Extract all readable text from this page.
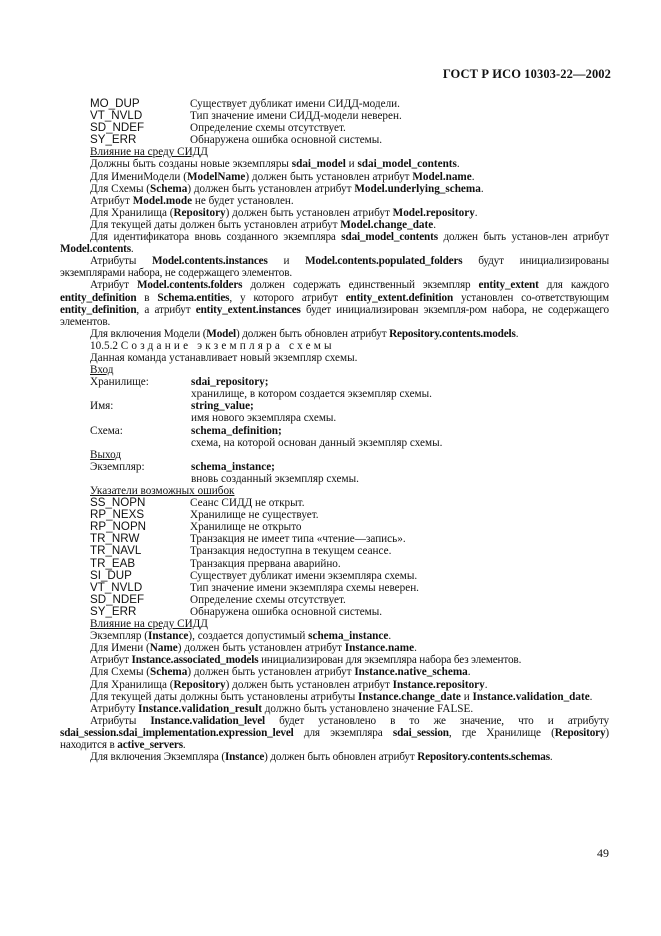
ГОСТ Р ИСО 10303-22—2002
MO_DUP	Существует дубликат имени СИДД-модели.
VT_NVLD	Тип значение имени СИДД-модели неверен.
SD_NDEF	Определение схемы отсутствует.
SY_ERR	Обнаружена ошибка основной системы.
Влияние на среду СИДД

Должны быть созданы новые экземпляры sdai_model и sdai_model_contents.

Для ИмениМодели (ModelName) должен быть установлен атрибут Model.name.

Для Схемы (Schema) должен быть установлен атрибут Model.underlying_schema.

Атрибут Model.mode не будет установлен.

Для Хранилища (Repository) должен быть установлен атрибут Model.repository.

Для текущей даты должен быть установлен атрибут Model.change_date.

Для идентификатора вновь созданного экземпляра sdai_model_contents должен быть установ-лен атрибут Model.contents.

Атрибуты Model.contents.instances и Model.contents.populated_folders будут инициализированы экземплярами набора, не содержащего элементов.

Атрибут Model.contents.folders должен содержать единственный экземпляр entity_extent для каждого entity_definition в Schema.entities, у которого атрибут entity_extent.definition установлен со-ответствующим entity_definition, а атрибут entity_extent.instances будет инициализирован экземпля-ром набора, не содержащего элементов.

Для включения Модели (Model) должен быть обновлен атрибут Repository.contents.models.

10.5.2 Создание экземпляра схемы

Данная команда устанавливает новый экземпляр схемы.

Вход
Хранилище:	sdai_repository;
хранилище, в котором создается экземпляр схемы.
Имя:	string_value;
имя нового экземпляра схемы.
Схема:	schema_definition;
схема, на которой основан данный экземпляр схемы.
Выход
Экземпляр:	schema_instance;
вновь созданный экземпляр схемы.
Указатели возможных ошибок
SS_NOPN	Сеанс СИДД не открыт.
RP_NEXS	Хранилище не существует.
RP_NOPN	Хранилище не открыто
TR_NRW	Транзакция не имеет типа «чтение—запись».
TR_NAVL	Транзакция недоступна в текущем сеансе.
TR_EAB	Транзакция прервана аварийно.
SI_DUP	Существует дубликат имени экземпляра схемы.
VT_NVLD	Тип значение имени экземпляра схемы неверен.
SD_NDEF	Определение схемы отсутствует.
SY_ERR	Обнаружена ошибка основной системы.
Влияние на среду СИДД

Экземпляр (Instance), создается допустимый schema_instance.

Для Имени (Name) должен быть установлен атрибут Instance.name.

Атрибут Instance.associated_models инициализирован для экземпляра набора без элементов.

Для Схемы (Schema) должен быть установлен атрибут Instance.native_schema.

Для Хранилища (Repository) должен быть установлен атрибут Instance.repository.

Для текущей даты должны быть установлены атрибуты Instance.change_date и Instance.validation_date.

Атрибуту Instance.validation_result должно быть установлено значение FALSE.

Атрибуты Instance.validation_level будет установлено в то же значение, что и атрибуту sdai_session.sdai_implementation.expression_level для экземпляра sdai_session, где Хранилище (Repository) находится в active_servers.

Для включения Экземпляра (Instance) должен быть обновлен атрибут Repository.contents.schemas.

49
